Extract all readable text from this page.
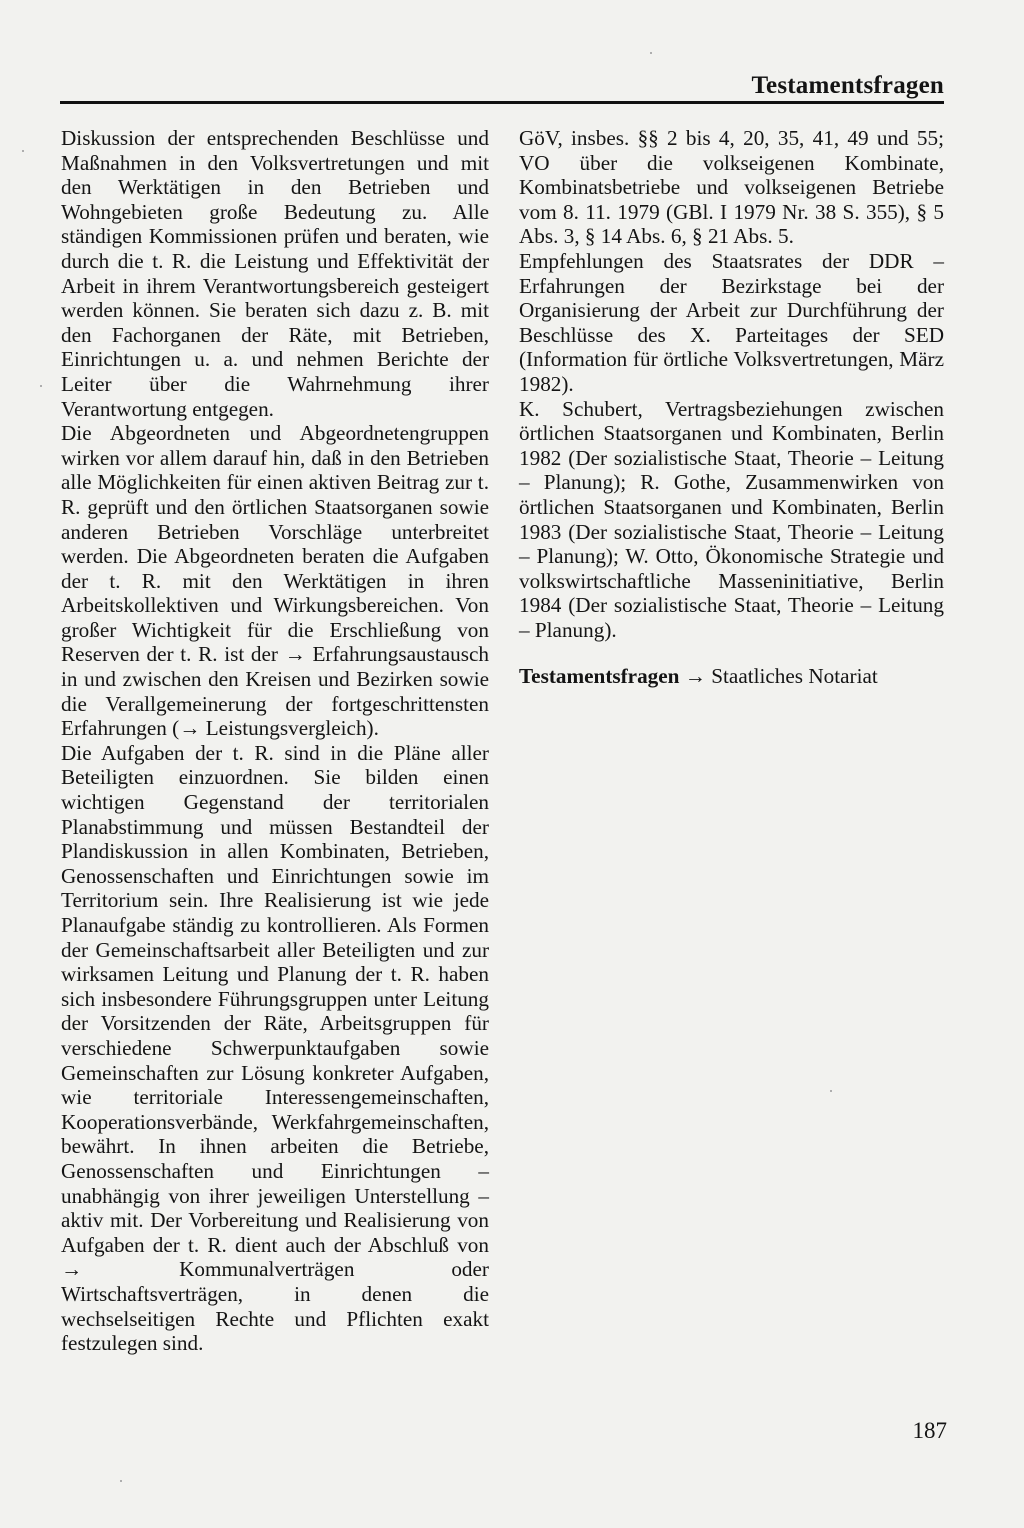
Testamentsfragen

Diskussion der entsprechenden Beschlüsse und Maßnahmen in den Volksvertretungen und mit den Werktätigen in den Betrieben und Wohngebieten große Bedeutung zu. Alle ständigen Kommissionen prüfen und beraten, wie durch die t. R. die Leistung und Effektivität der Arbeit in ihrem Verantwortungsbereich gesteigert werden können. Sie beraten sich dazu z. B. mit den Fachorganen der Räte, mit Betrieben, Einrichtungen u. a. und nehmen Berichte der Leiter über die Wahrnehmung ihrer Verantwortung entgegen.

Die Abgeordneten und Abgeordnetengruppen wirken vor allem darauf hin, daß in den Betrieben alle Möglichkeiten für einen aktiven Beitrag zur t. R. geprüft und den örtlichen Staatsorganen sowie anderen Betrieben Vorschläge unterbreitet werden. Die Abgeordneten beraten die Aufgaben der t. R. mit den Werktätigen in ihren Arbeitskollektiven und Wirkungsbereichen. Von großer Wichtigkeit für die Erschließung von Reserven der t. R. ist der → Erfahrungsaustausch in und zwischen den Kreisen und Bezirken sowie die Verallgemeinerung der fortgeschrittensten Erfahrungen (→ Leistungsvergleich).

Die Aufgaben der t. R. sind in die Pläne aller Beteiligten einzuordnen. Sie bilden einen wichtigen Gegenstand der territorialen Planabstimmung und müssen Bestandteil der Plandiskussion in allen Kombinaten, Betrieben, Genossenschaften und Einrichtungen sowie im Territorium sein. Ihre Realisierung ist wie jede Planaufgabe ständig zu kontrollieren. Als Formen der Gemeinschaftsarbeit aller Beteiligten und zur wirksamen Leitung und Planung der t. R. haben sich insbesondere Führungsgruppen unter Leitung der Vorsitzenden der Räte, Arbeitsgruppen für verschiedene Schwerpunktaufgaben sowie Gemeinschaften zur Lösung konkreter Aufgaben, wie territoriale Interessengemeinschaften, Kooperationsverbände, Werkfahrgemeinschaften, bewährt. In ihnen arbeiten die Betriebe, Genossenschaften und Einrichtungen – unabhängig von ihrer jeweiligen Unterstellung – aktiv mit. Der Vorbereitung und Realisierung von Aufgaben der t. R. dient auch der Abschluß von → Kommunalverträgen oder Wirtschaftsverträgen, in denen die wechselseitigen Rechte und Pflichten exakt festzulegen sind.

GöV, insbes. §§ 2 bis 4, 20, 35, 41, 49 und 55; VO über die volkseigenen Kombinate, Kombinatsbetriebe und volkseigenen Betriebe vom 8. 11. 1979 (GBl. I 1979 Nr. 38 S. 355), § 5 Abs. 3, § 14 Abs. 6, § 21 Abs. 5.

Empfehlungen des Staatsrates der DDR – Erfahrungen der Bezirkstage bei der Organisierung der Arbeit zur Durchführung der Beschlüsse des X. Parteitages der SED (Information für örtliche Volksvertretungen, März 1982).

K. Schubert, Vertragsbeziehungen zwischen örtlichen Staatsorganen und Kombinaten, Berlin 1982 (Der sozialistische Staat, Theorie – Leitung – Planung); R. Gothe, Zusammenwirken von örtlichen Staatsorganen und Kombinaten, Berlin 1983 (Der sozialistische Staat, Theorie – Leitung – Planung); W. Otto, Ökonomische Strategie und volkswirtschaftliche Masseninitiative, Berlin 1984 (Der sozialistische Staat, Theorie – Leitung – Planung).

Testamentsfragen → Staatliches Notariat

187
